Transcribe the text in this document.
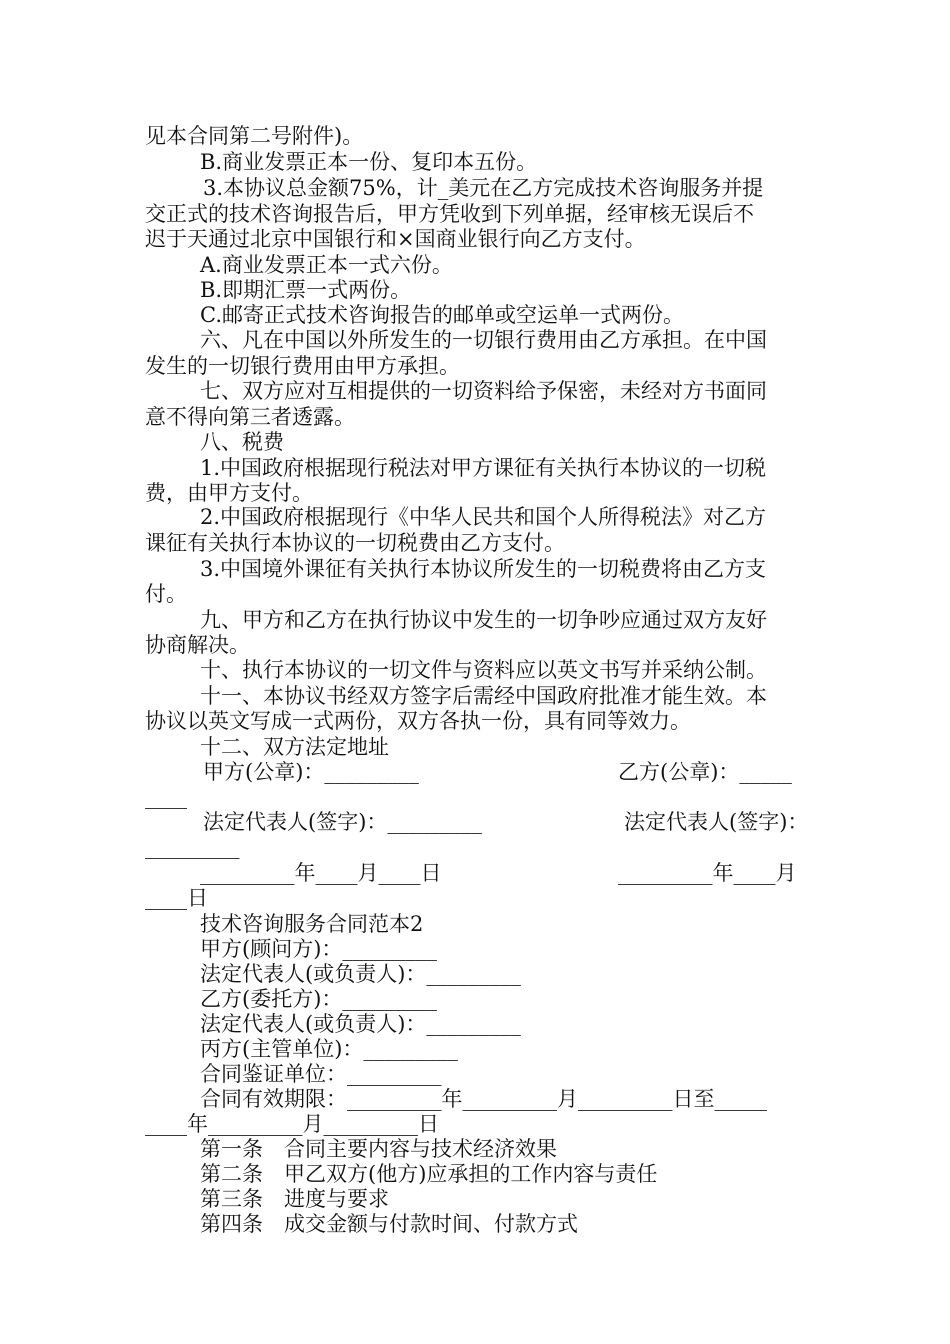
见本合同第二号附件)。
B.商业发票正本一份、复印本五份。
3.本协议总金额75%，计_美元在乙方完成技术咨询服务并提
交正式的技术咨询报告后，甲方凭收到下列单据，经审核无误后不
迟于天通过北京中国银行和×国商业银行向乙方支付。
A.商业发票正本一式六份。
B.即期汇票一式两份。
C.邮寄正式技术咨询报告的邮单或空运单一式两份。
六、凡在中国以外所发生的一切银行费用由乙方承担。在中国
发生的一切银行费用由甲方承担。
七、双方应对互相提供的一切资料给予保密，未经对方书面同
意不得向第三者透露。
八、税费
1.中国政府根据现行税法对甲方课征有关执行本协议的一切税
费，由甲方支付。
2.中国政府根据现行《中华人民共和国个人所得税法》对乙方
课征有关执行本协议的一切税费由乙方支付。
3.中国境外课征有关执行本协议所发生的一切税费将由乙方支
付。
九、甲方和乙方在执行协议中发生的一切争吵应通过双方友好
协商解决。
十、执行本协议的一切文件与资料应以英文书写并采纳公制。
十一、本协议书经双方签字后需经中国政府批准才能生效。本
协议以英文写成一式两份，双方各执一份，具有同等效力。
十二、双方法定地址
甲方(公章)：_________	乙方(公章)：_____
____
法定代表人(签字)：_________	法定代表人(签字)：
_________
_________年____月____日	_________年____月
____日
技术咨询服务合同范本2
甲方(顾问方)：_________
法定代表人(或负责人)：_________
乙方(委托方)：_________
法定代表人(或负责人)：_________
丙方(主管单位)：_________
合同鉴证单位：_________
合同有效期限：_________年_________月_________日至_____
____年_________月_________日
第一条　合同主要内容与技术经济效果
第二条　甲乙双方(他方)应承担的工作内容与责任
第三条　进度与要求
第四条　成交金额与付款时间、付款方式
